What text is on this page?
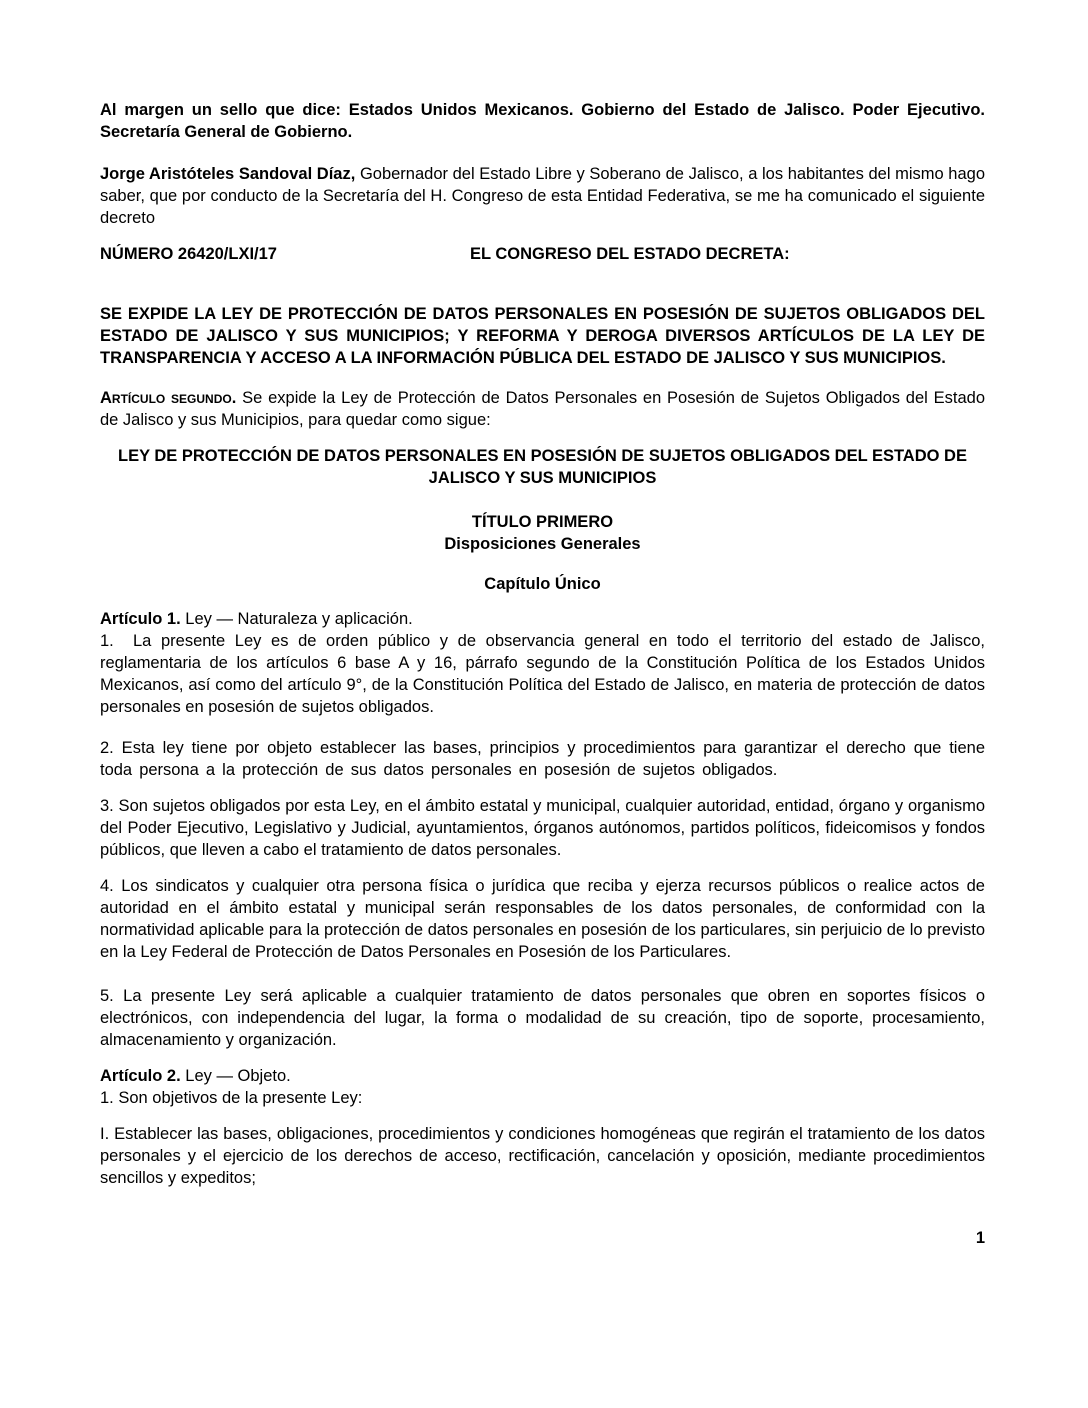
Al margen un sello que dice: Estados Unidos Mexicanos. Gobierno del Estado de Jalisco. Poder Ejecutivo. Secretaría General de Gobierno.

Jorge Aristóteles Sandoval Díaz, Gobernador del Estado Libre y Soberano de Jalisco, a los habitantes del mismo hago saber, que por conducto de la Secretaría del H. Congreso de esta Entidad Federativa, se me ha comunicado el siguiente decreto

NÚMERO 26420/LXI/17	EL CONGRESO DEL ESTADO DECRETA:

SE EXPIDE LA LEY DE PROTECCIÓN DE DATOS PERSONALES EN POSESIÓN DE SUJETOS OBLIGADOS DEL ESTADO DE JALISCO Y SUS MUNICIPIOS; Y REFORMA Y DEROGA DIVERSOS ARTÍCULOS DE LA LEY DE TRANSPARENCIA Y ACCESO A LA INFORMACIÓN PÚBLICA DEL ESTADO DE JALISCO Y SUS MUNICIPIOS.

Artículo segundo. Se expide la Ley de Protección de Datos Personales en Posesión de Sujetos Obligados del Estado de Jalisco y sus Municipios, para quedar como sigue:

LEY DE PROTECCIÓN DE DATOS PERSONALES EN POSESIÓN DE SUJETOS OBLIGADOS DEL ESTADO DE JALISCO Y SUS MUNICIPIOS

TÍTULO PRIMERO
Disposiciones Generales

Capítulo Único

Artículo 1. Ley — Naturaleza y aplicación.

1.  La presente Ley es de orden público y de observancia general en todo el territorio del estado de Jalisco, reglamentaria de los artículos 6 base A y 16, párrafo segundo de la Constitución Política de los Estados Unidos Mexicanos, así como del artículo 9°, de la Constitución Política del Estado de Jalisco, en materia de protección de datos personales en posesión de sujetos obligados.

2. Esta ley tiene por objeto establecer las bases, principios y procedimientos para garantizar el derecho que tiene toda persona a la protección de sus datos personales en posesión de sujetos obligados.

3. Son sujetos obligados por esta Ley, en el ámbito estatal y municipal, cualquier autoridad, entidad, órgano y organismo del Poder Ejecutivo, Legislativo y Judicial, ayuntamientos, órganos autónomos, partidos políticos, fideicomisos y fondos públicos, que lleven a cabo el tratamiento de datos personales.

4. Los sindicatos y cualquier otra persona física o jurídica que reciba y ejerza recursos públicos o realice actos de autoridad en el ámbito estatal y municipal serán responsables de los datos personales, de conformidad con la normatividad aplicable para la protección de datos personales en posesión de los particulares, sin perjuicio de lo previsto en la Ley Federal de Protección de Datos Personales en Posesión de los Particulares.

5. La presente Ley será aplicable a cualquier tratamiento de datos personales que obren en soportes físicos o electrónicos, con independencia del lugar, la forma o modalidad de su creación, tipo de soporte, procesamiento, almacenamiento y organización.

Artículo 2. Ley — Objeto.

1. Son objetivos de la presente Ley:

I. Establecer las bases, obligaciones, procedimientos y condiciones homogéneas que regirán el tratamiento de los datos personales y el ejercicio de los derechos de acceso, rectificación, cancelación y oposición, mediante procedimientos sencillos y expeditos;

1
